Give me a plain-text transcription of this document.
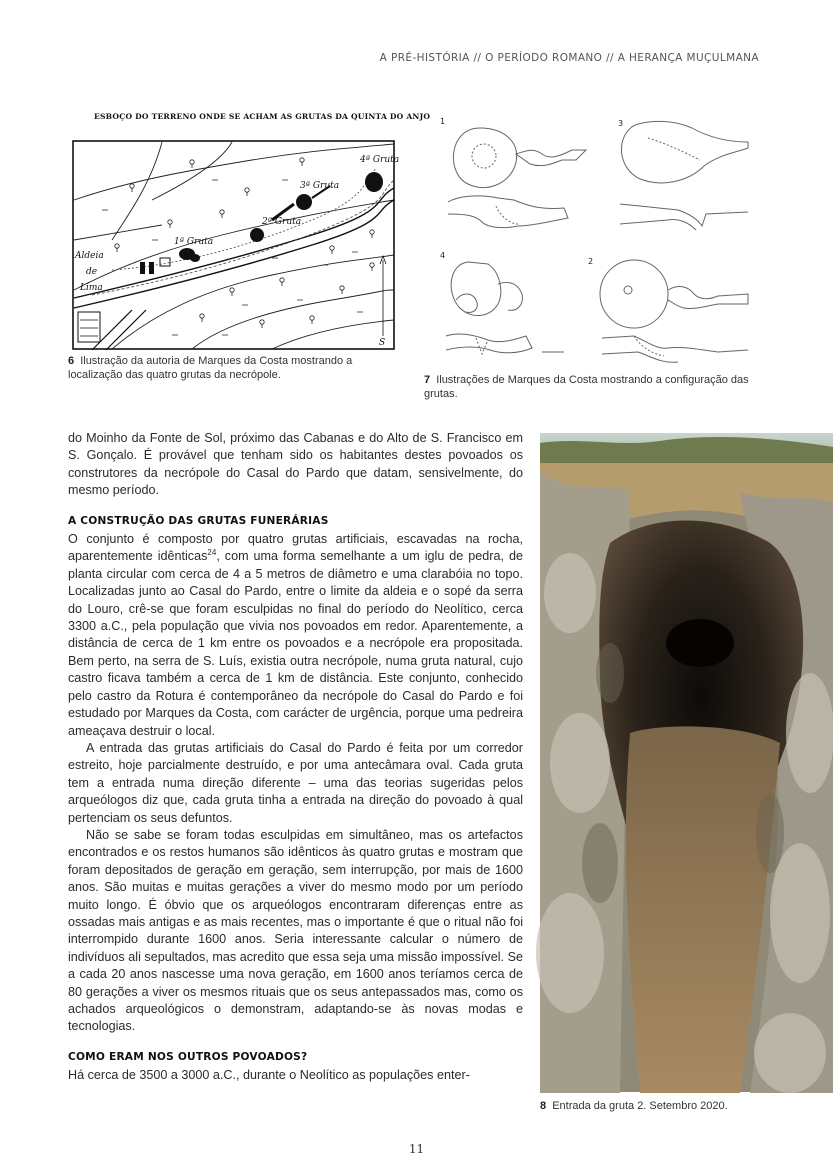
A PRÉ-HISTÓRIA // O PERÍODO ROMANO // A HERANÇA MUÇULMANA
ESBOÇO DO TERRENO ONDE SE ACHAM AS GRUTAS DA QUINTA DO ANJO
Aldeia
de
Lima
1ª Gruta
2ª Gruta
3ª Gruta
4ª Gruta
S
6 Ilustração da autoria de Marques da Costa mostrando a localização das quatro grutas da necrópole.
1	3
4
2
7 Ilustrações de Marques da Costa mostrando a configuração das grutas.

do Moinho da Fonte de Sol, próximo das Cabanas e do Alto de S. Francisco em S. Gonçalo. É provável que tenham sido os habitantes destes povoados os construtores da necrópole do Casal do Pardo que datam, sensivelmente, do mesmo período.

A CONSTRUÇÃO DAS GRUTAS FUNERÁRIAS

O conjunto é composto por quatro grutas artificiais, escavadas na rocha, aparentemente idênticas$^{24}$, com uma forma semelhante a um iglu de pedra, de planta circular com cerca de 4 a 5 metros de diâmetro e uma clarabóia no topo. Localizadas junto ao Casal do Pardo, entre o limite da aldeia e o sopé da serra do Louro, crê-se que foram esculpidas no final do período do Neolítico, cerca 3300 a.C., pela população que vivia nos povoados em redor. Aparentemente, a distância de cerca de 1 km entre os povoados e a necrópole era propositada. Bem perto, na serra de S. Luís, existia outra necrópole, numa gruta natural, cujo castro ficava também a cerca de 1 km de distância. Este conjunto, conhecido pelo castro da Rotura é contemporâneo da necrópole do Casal do Pardo e foi estudado por Marques da Costa, com carácter de urgência, porque uma pedreira ameaçava destruir o local.

A entrada das grutas artificiais do Casal do Pardo é feita por um corredor estreito, hoje parcialmente destruído, e por uma antecâmara oval. Cada gruta tem a entrada numa direção diferente – uma das teorias sugeridas pelos arqueólogos diz que, cada gruta tinha a entrada na direção do povoado à qual pertenciam os seus defuntos.

Não se sabe se foram todas esculpidas em simultâneo, mas os artefactos encontrados e os restos humanos são idênticos às quatro grutas e mostram que foram depositados de geração em geração, sem interrupção, por mais de 1600 anos. São muitas e muitas gerações a viver do mesmo modo por um período muito longo. É óbvio que os arqueólogos encontraram diferenças entre as ossadas mais antigas e as mais recentes, mas o importante é que o ritual não foi interrompido durante 1600 anos. Seria interessante calcular o número de indivíduos ali sepultados, mas acredito que essa seja uma missão impossível. Se a cada 20 anos nascesse uma nova geração, em 1600 anos teríamos cerca de 80 gerações a viver os mesmos rituais que os seus antepassados mas, como os achados arqueológicos o demonstram, adaptando-se às novas modas e tecnologias.

COMO ERAM NOS OUTROS POVOADOS?

Há cerca de 3500 a 3000 a.C., durante o Neolítico as populações enter-

8 Entrada da gruta 2. Setembro 2020.
11
